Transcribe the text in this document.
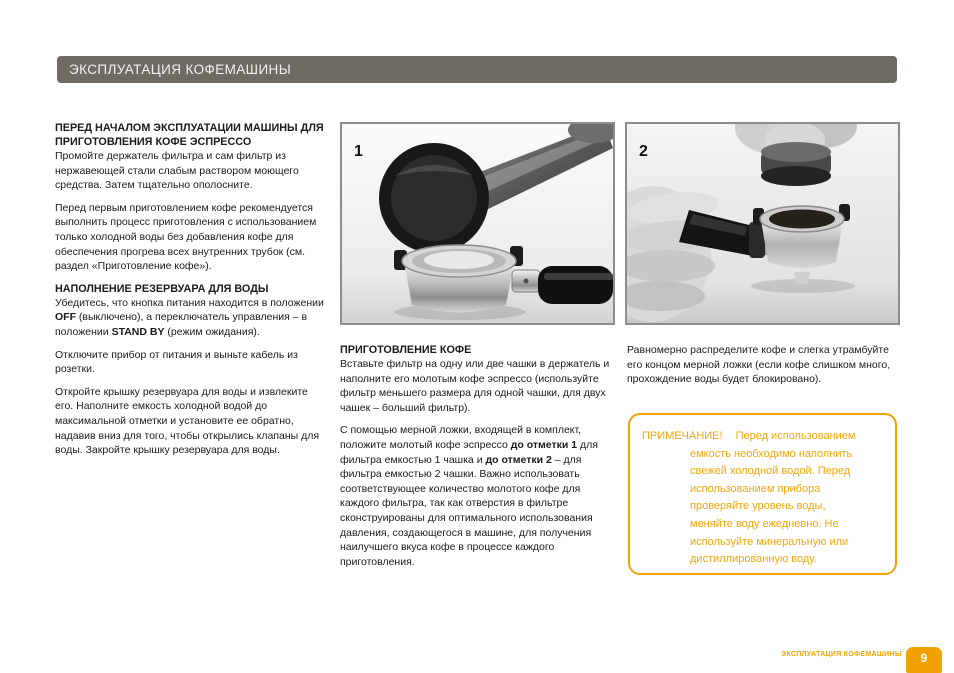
ЭКСПЛУАТАЦИЯ КОФЕМАШИНЫ
ПЕРЕД НАЧАЛОМ ЭКСПЛУАТАЦИИ МАШИНЫ ДЛЯ ПРИГОТОВЛЕНИЯ КОФЕ ЭСПРЕССО

Промойте держатель фильтра и сам фильтр из нержавеющей стали слабым раствором моющего средства. Затем тщательно ополосните.

Перед первым приготовлением кофе рекомендуется выполнить процесс приготовления с использованием только холодной воды без добавления кофе для обеспечения прогрева всех внутренних трубок (см. раздел «Приготовление кофе»).

НАПОЛНЕНИЕ РЕЗЕРВУАРА ДЛЯ ВОДЫ

Убедитесь, что кнопка питания находится в положении OFF (выключено), а переключатель управления – в положении STAND BY (режим ожидания).

Отключите прибор от питания и выньте кабель из розетки.

Откройте крышку резервуара для воды и извлеките его. Наполните емкость холодной водой до максимальной отметки и установите ее обратно, надавив вниз для того, чтобы открылись клапаны для воды. Закройте крышку резервуара для воды.

1	2
ПРИГОТОВЛЕНИЕ КОФЕ

Вставьте фильтр на одну или две чашки в держатель и наполните его молотым кофе эспрессо (используйте фильтр меньшего размера для одной чашки, для двух чашек – больший фильтр).

С помощью мерной ложки, входящей в комплект, положите молотый кофе эспрессо до отметки 1 для фильтра емкостью 1 чашка и до отметки 2 – для фильтра емкостью 2 чашки. Важно использовать соответствующее количество молотого кофе для каждого фильтра, так как отверстия в фильтре сконструированы для оптимального использования давления, создающегося в машине, для получения наилучшего вкуса кофе в процессе каждого приготовления.

Равномерно распределите кофе и слегка утрамбуйте его концом мерной ложки (если кофе слишком много, прохождение воды будет блокировано).

ПРИМЕЧАНИЕ! Перед использованием емкость необходимо наполнить свежей холодной водой. Перед использованием прибора проверяйте уровень воды, меняйте воду ежедневно. Не используйте минеральную или дистиллированную воду.

ЭКСПЛУАТАЦИЯ КОФЕМАШИНЫ	9
